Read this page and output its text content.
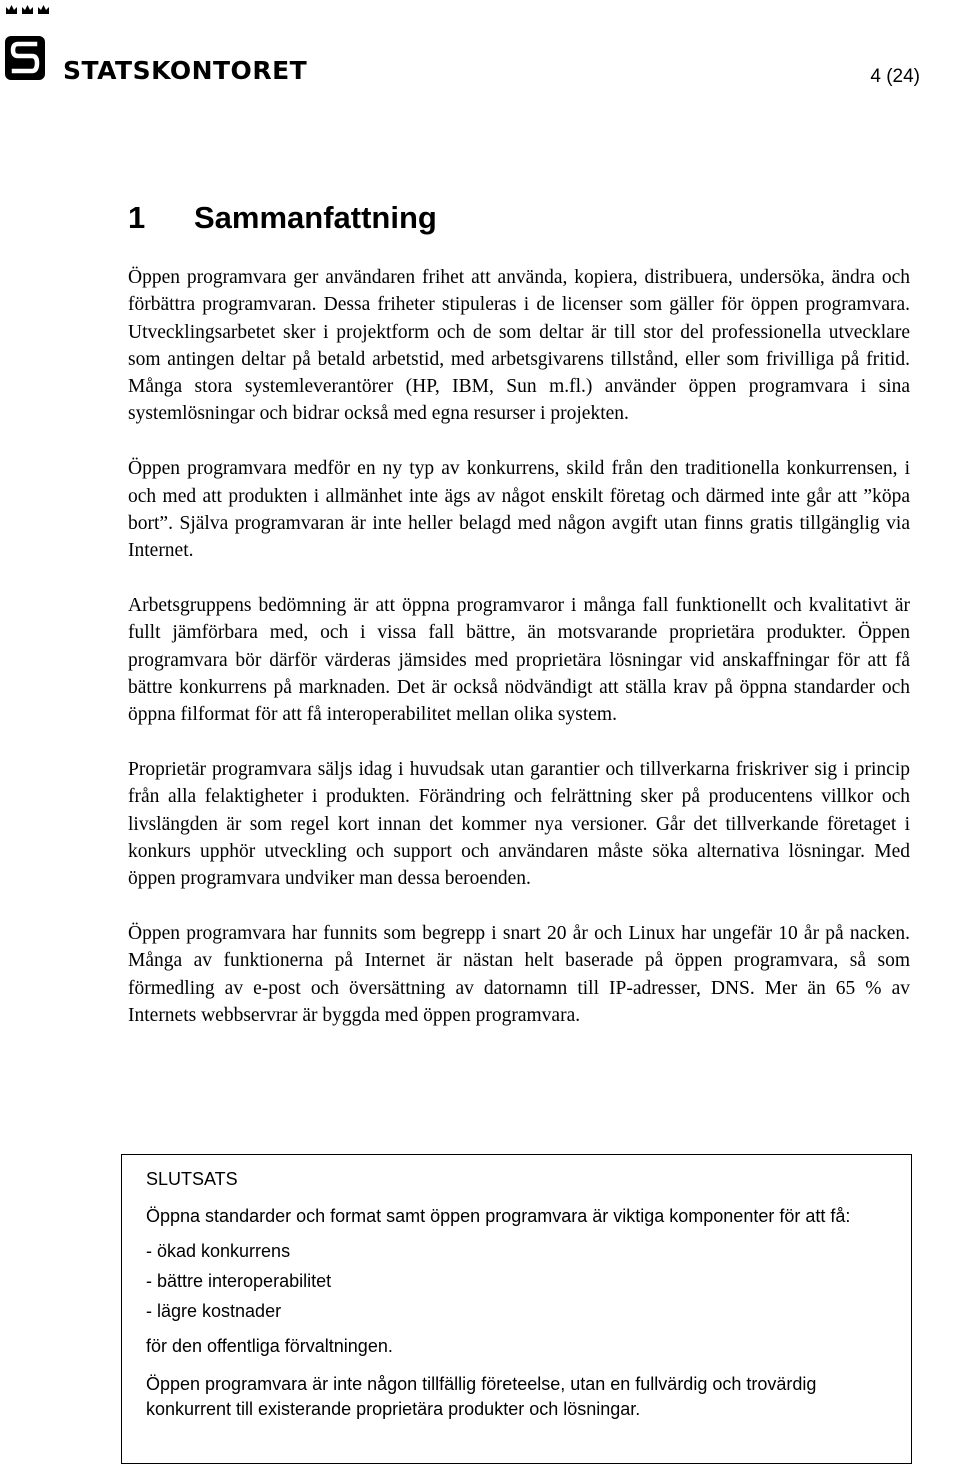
STATSKONTORET	4 (24)
1 Sammanfattning

Öppen programvara ger användaren frihet att använda, kopiera, distribuera, undersöka, ändra och förbättra programvaran. Dessa friheter stipuleras i de licenser som gäller för öppen programvara. Utvecklingsarbetet sker i projektform och de som deltar är till stor del professionella utvecklare som antingen deltar på betald arbetstid, med arbetsgivarens tillstånd, eller som frivilliga på fritid. Många stora systemleverantörer (HP, IBM, Sun m.fl.) använder öppen programvara i sina systemlösningar och bidrar också med egna resurser i projekten.

Öppen programvara medför en ny typ av konkurrens, skild från den traditionella konkurrensen, i och med att produkten i allmänhet inte ägs av något enskilt företag och därmed inte går att ”köpa bort”. Själva programvaran är inte heller belagd med någon avgift utan finns gratis tillgänglig via Internet.

Arbetsgruppens bedömning är att öppna programvaror i många fall funktionellt och kvalitativt är fullt jämförbara med, och i vissa fall bättre, än motsvarande proprietära produkter. Öppen programvara bör därför värderas jämsides med proprietära lösningar vid anskaffningar för att få bättre konkurrens på marknaden. Det är också nödvändigt att ställa krav på öppna standarder och öppna filformat för att få interoperabilitet mellan olika system.

Proprietär programvara säljs idag i huvudsak utan garantier och tillverkarna friskriver sig i princip från alla felaktigheter i produkten. Förändring och felrättning sker på producentens villkor och livslängden är som regel kort innan det kommer nya versioner. Går det tillverkande företaget i konkurs upphör utveckling och support och användaren måste söka alternativa lösningar. Med öppen programvara undviker man dessa beroenden.

Öppen programvara har funnits som begrepp i snart 20 år och Linux har ungefär 10 år på nacken. Många av funktionerna på Internet är nästan helt baserade på öppen programvara, så som förmedling av e-post och översättning av datornamn till IP-adresser, DNS. Mer än 65 % av Internets webbservrar är byggda med öppen programvara.

SLUTSATS
Öppna standarder och format samt öppen programvara är viktiga komponenter för att få:
- ökad konkurrens
- bättre interoperabilitet
- lägre kostnader
för den offentliga förvaltningen.
Öppen programvara är inte någon tillfällig företeelse, utan en fullvärdig och trovärdig konkurrent till existerande proprietära produkter och lösningar.
